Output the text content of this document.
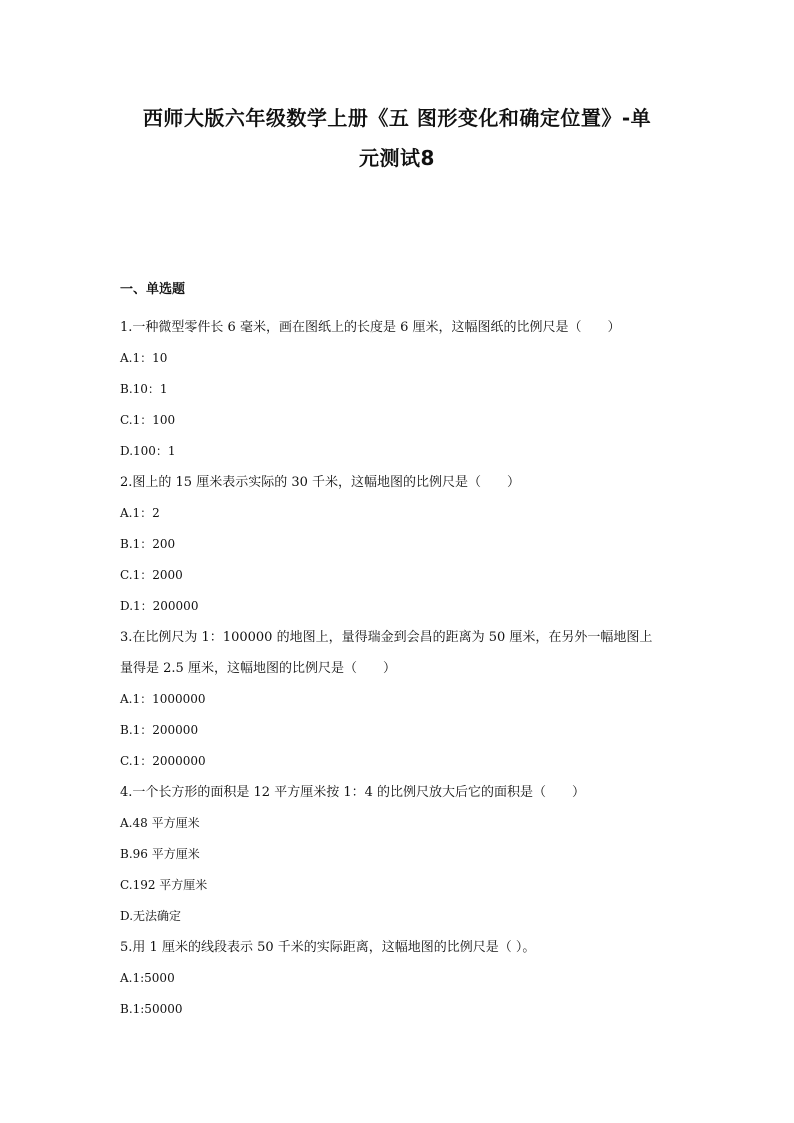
西师大版六年级数学上册《五 图形变化和确定位置》-单
元测试8
一、单选题

1.一种微型零件长 6 毫米，画在图纸上的长度是 6 厘米，这幅图纸的比例尺是（　　）

A.1：10

B.10：1

C.1：100

D.100：1

2.图上的 15 厘米表示实际的 30 千米，这幅地图的比例尺是（　　）

A.1：2

B.1：200

C.1：2000

D.1：200000

3.在比例尺为 1：100000 的地图上，量得瑞金到会昌的距离为 50 厘米，在另外一幅地图上

量得是 2.5 厘米，这幅地图的比例尺是（　　）

A.1：1000000

B.1：200000

C.1：2000000

4.一个长方形的面积是 12 平方厘米按 1：4 的比例尺放大后它的面积是（　　）

A.48 平方厘米

B.96 平方厘米

C.192 平方厘米

D.无法确定

5.用 1 厘米的线段表示 50 千米的实际距离，这幅地图的比例尺是（ ）。

A.1:5000

B.1:50000
